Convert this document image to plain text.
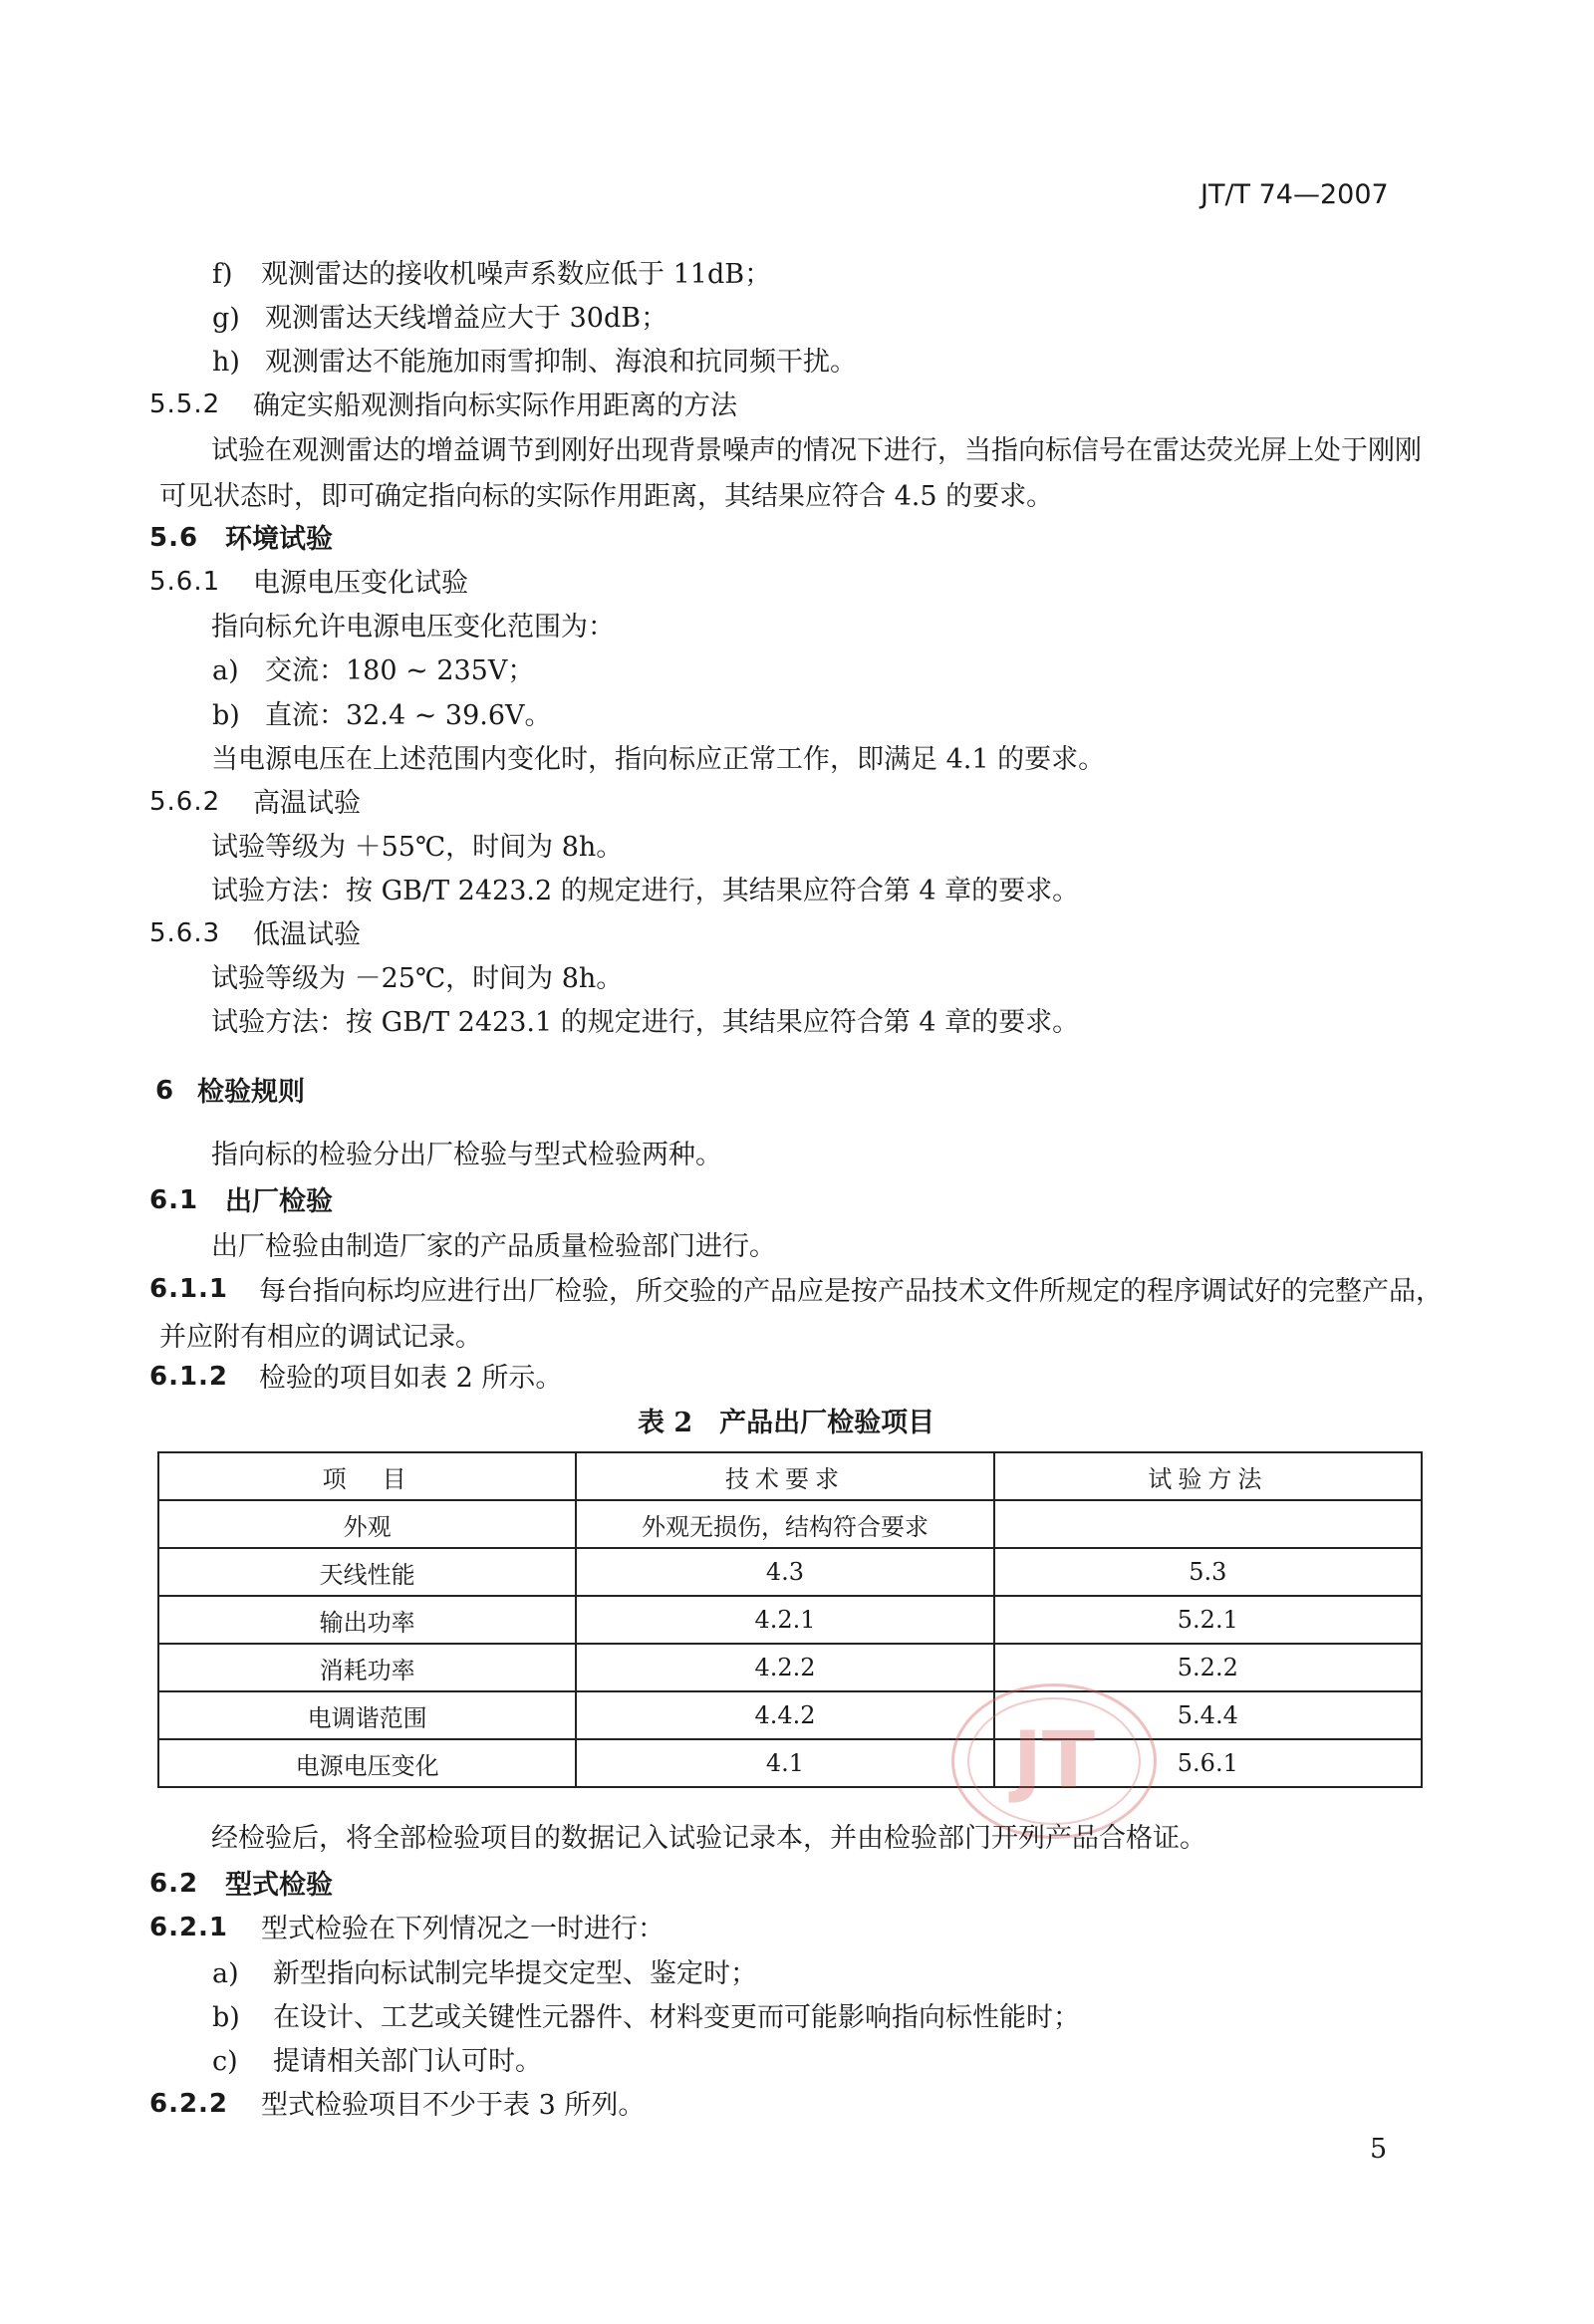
JT/T 74—2007
f) 观测雷达的接收机噪声系数应低于 11dB；
g) 观测雷达天线增益应大于 30dB；
h) 观测雷达不能施加雨雪抑制、海浪和抗同频干扰。
5.5.2 确定实船观测指向标实际作用距离的方法
试验在观测雷达的增益调节到刚好出现背景噪声的情况下进行，当指向标信号在雷达荧光屏上处于刚刚可见状态时，即可确定指向标的实际作用距离，其结果应符合 4.5 的要求。
5.6 环境试验
5.6.1 电源电压变化试验
指向标允许电源电压变化范围为：
a) 交流：180 ~ 235V；
b) 直流：32.4 ~ 39.6V。
当电源电压在上述范围内变化时，指向标应正常工作，即满足 4.1 的要求。
5.6.2 高温试验
试验等级为 ＋55℃，时间为 8h。
试验方法：按 GB/T 2423.2 的规定进行，其结果应符合第 4 章的要求。
5.6.3 低温试验
试验等级为 －25℃，时间为 8h。
试验方法：按 GB/T 2423.1 的规定进行，其结果应符合第 4 章的要求。
6 检验规则
指向标的检验分出厂检验与型式检验两种。
6.1 出厂检验
出厂检验由制造厂家的产品质量检验部门进行。
6.1.1	每台指向标均应进行出厂检验，所交验的产品应是按产品技术文件所规定的程序调试好的完整产品，并应附有相应的调试记录。
6.1.2 检验的项目如表 2 所示。
表 2　产品出厂检验项目
项　目	技术要求	试验方法
外观	外观无损伤，结构符合要求	
天线性能	4.3	5.3
输出功率	4.2.1	5.2.1
消耗功率	4.2.2	5.2.2
电调谐范围	4.4.2	5.4.4
电源电压变化	4.1	5.6.1
JT
经检验后，将全部检验项目的数据记入试验记录本，并由检验部门开列产品合格证。
6.2 型式检验
6.2.1 型式检验在下列情况之一时进行：
a) 新型指向标试制完毕提交定型、鉴定时；
b) 在设计、工艺或关键性元器件、材料变更而可能影响指向标性能时；
c) 提请相关部门认可时。
6.2.2 型式检验项目不少于表 3 所列。
5
